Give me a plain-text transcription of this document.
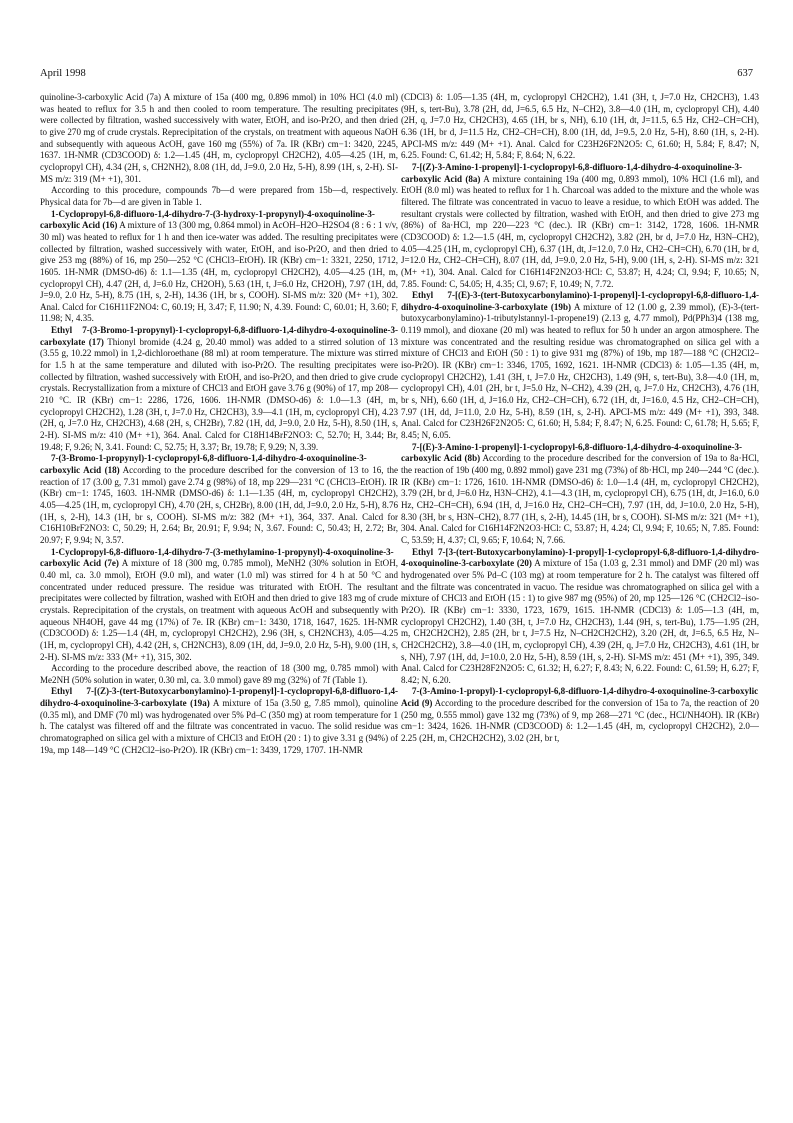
April 1998	637

quinoline-3-carboxylic Acid (7a) A mixture of 15a (400 mg, 0.896 mmol) in 10% HCl (4.0 ml) was heated to reflux for 3.5 h and then cooled to room temperature. The resulting precipitates were collected by filtration, washed successively with water, EtOH, and iso-Pr2O, and then dried to give 270 mg of crude crystals. Reprecipitation of the crystals, on treatment with aqueous NaOH and subsequently with aqueous AcOH, gave 160 mg (55%) of 7a. IR (KBr) cm−1: 3420, 2245, 1637. 1H-NMR (CD3COOD) δ: 1.2—1.45 (4H, m, cyclopropyl CH2CH2), 4.05—4.25 (1H, m, cyclopropyl CH), 4.34 (2H, s, CH2NH2), 8.08 (1H, dd, J=9.0, 2.0 Hz, 5-H), 8.99 (1H, s, 2-H). SI-MS m/z: 319 (M+ +1), 301.

According to this procedure, compounds 7b—d were prepared from 15b—d, respectively. Physical data for 7b—d are given in Table 1.

1-Cyclopropyl-6,8-difluoro-1,4-dihydro-7-(3-hydroxy-1-propynyl)-4-oxoquinoline-3-carboxylic Acid (16) A mixture of 13 (300 mg, 0.864 mmol) in AcOH–H2O–H2SO4 (8 : 6 : 1 v/v, 30 ml) was heated to reflux for 1 h and then ice-water was added. The resulting precipitates were collected by filtration, washed successively with water, EtOH, and iso-Pr2O, and then dried to give 253 mg (88%) of 16, mp 250—252 °C (CHCl3–EtOH). IR (KBr) cm−1: 3321, 2250, 1712, 1605. 1H-NMR (DMSO-d6) δ: 1.1—1.35 (4H, m, cyclopropyl CH2CH2), 4.05—4.25 (1H, m, cyclopropyl CH), 4.47 (2H, d, J=6.0 Hz, CH2OH), 5.63 (1H, t, J=6.0 Hz, CH2OH), 7.97 (1H, dd, J=9.0, 2.0 Hz, 5-H), 8.75 (1H, s, 2-H), 14.36 (1H, br s, COOH). SI-MS m/z: 320 (M+ +1), 302. Anal. Calcd for C16H11F2NO4: C, 60.19; H, 3.47; F, 11.90; N, 4.39. Found: C, 60.01; H, 3.60; F, 11.98; N, 4.35.

Ethyl 7-(3-Bromo-1-propynyl)-1-cyclopropyl-6,8-difluoro-1,4-dihydro-4-oxoquinoline-3-carboxylate (17) Thionyl bromide (4.24 g, 20.40 mmol) was added to a stirred solution of 13 (3.55 g, 10.22 mmol) in 1,2-dichloroethane (88 ml) at room temperature. The mixture was stirred for 1.5 h at the same temperature and diluted with iso-Pr2O. The resulting precipitates were collected by filtration, washed successively with EtOH, and iso-Pr2O, and then dried to give crude crystals. Recrystallization from a mixture of CHCl3 and EtOH gave 3.76 g (90%) of 17, mp 208—210 °C. IR (KBr) cm−1: 2286, 1726, 1606. 1H-NMR (DMSO-d6) δ: 1.0—1.3 (4H, m, cyclopropyl CH2CH2), 1.28 (3H, t, J=7.0 Hz, CH2CH3), 3.9—4.1 (1H, m, cyclopropyl CH), 4.23 (2H, q, J=7.0 Hz, CH2CH3), 4.68 (2H, s, CH2Br), 7.82 (1H, dd, J=9.0, 2.0 Hz, 5-H), 8.50 (1H, s, 2-H). SI-MS m/z: 410 (M+ +1), 364. Anal. Calcd for C18H14BrF2NO3: C, 52.70; H, 3.44; Br, 19.48; F, 9.26; N, 3.41. Found: C, 52.75; H, 3.37; Br, 19.78; F, 9.29; N, 3.39.

7-(3-Bromo-1-propynyl)-1-cyclopropyl-6,8-difluoro-1,4-dihydro-4-oxoquinoline-3-carboxylic Acid (18) According to the procedure described for the conversion of 13 to 16, the reaction of 17 (3.00 g, 7.31 mmol) gave 2.74 g (98%) of 18, mp 229—231 °C (CHCl3–EtOH). IR (KBr) cm−1: 1745, 1603. 1H-NMR (DMSO-d6) δ: 1.1—1.35 (4H, m, cyclopropyl CH2CH2), 4.05—4.25 (1H, m, cyclopropyl CH), 4.70 (2H, s, CH2Br), 8.00 (1H, dd, J=9.0, 2.0 Hz, 5-H), 8.76 (1H, s, 2-H), 14.3 (1H, br s, COOH). SI-MS m/z: 382 (M+ +1), 364, 337. Anal. Calcd for C16H10BrF2NO3: C, 50.29; H, 2.64; Br, 20.91; F, 9.94; N, 3.67. Found: C, 50.43; H, 2.72; Br, 20.97; F, 9.94; N, 3.57.

1-Cyclopropyl-6,8-difluoro-1,4-dihydro-7-(3-methylamino-1-propynyl)-4-oxoquinoline-3-carboxylic Acid (7e) A mixture of 18 (300 mg, 0.785 mmol), MeNH2 (30% solution in EtOH, 0.40 ml, ca. 3.0 mmol), EtOH (9.0 ml), and water (1.0 ml) was stirred for 4 h at 50 °C and concentrated under reduced pressure. The residue was triturated with EtOH. The resultant precipitates were collected by filtration, washed with EtOH and then dried to give 183 mg of crude crystals. Reprecipitation of the crystals, on treatment with aqueous AcOH and subsequently with aqueous NH4OH, gave 44 mg (17%) of 7e. IR (KBr) cm−1: 3430, 1718, 1647, 1625. 1H-NMR (CD3COOD) δ: 1.25—1.4 (4H, m, cyclopropyl CH2CH2), 2.96 (3H, s, CH2NCH3), 4.05—4.25 (1H, m, cyclopropyl CH), 4.42 (2H, s, CH2NCH3), 8.09 (1H, dd, J=9.0, 2.0 Hz, 5-H), 9.00 (1H, s, 2-H). SI-MS m/z: 333 (M+ +1), 315, 302.

According to the procedure described above, the reaction of 18 (300 mg, 0.785 mmol) with Me2NH (50% solution in water, 0.30 ml, ca. 3.0 mmol) gave 89 mg (32%) of 7f (Table 1).

Ethyl 7-[(Z)-3-(tert-Butoxycarbonylamino)-1-propenyl]-1-cyclopropyl-6,8-difluoro-1,4-dihydro-4-oxoquinoline-3-carboxylate (19a) A mixture of 15a (3.50 g, 7.85 mmol), quinoline (0.35 ml), and DMF (70 ml) was hydrogenated over 5% Pd–C (350 mg) at room temperature for 1 h. The catalyst was filtered off and the filtrate was concentrated in vacuo. The solid residue was chromatographed on silica gel with a mixture of CHCl3 and EtOH (20 : 1) to give 3.31 g (94%) of 19a, mp 148—149 °C (CH2Cl2–iso-Pr2O). IR (KBr) cm−1: 3439, 1729, 1707. 1H-NMR

(CDCl3) δ: 1.05—1.35 (4H, m, cyclopropyl CH2CH2), 1.41 (3H, t, J=7.0 Hz, CH2CH3), 1.43 (9H, s, tert-Bu), 3.78 (2H, dd, J=6.5, 6.5 Hz, N–CH2), 3.8—4.0 (1H, m, cyclopropyl CH), 4.40 (2H, q, J=7.0 Hz, CH2CH3), 4.65 (1H, br s, NH), 6.10 (1H, dt, J=11.5, 6.5 Hz, CH2–CH=CH), 6.36 (1H, br d, J=11.5 Hz, CH2–CH=CH), 8.00 (1H, dd, J=9.5, 2.0 Hz, 5-H), 8.60 (1H, s, 2-H). APCI-MS m/z: 449 (M+ +1). Anal. Calcd for C23H26F2N2O5: C, 61.60; H, 5.84; F, 8.47; N, 6.25. Found: C, 61.42; H, 5.84; F, 8.64; N, 6.22.

7-[(Z)-3-Amino-1-propenyl]-1-cyclopropyl-6,8-difluoro-1,4-dihydro-4-oxoquinoline-3-carboxylic Acid (8a) A mixture containing 19a (400 mg, 0.893 mmol), 10% HCl (1.6 ml), and EtOH (8.0 ml) was heated to reflux for 1 h. Charcoal was added to the mixture and the whole was filtered. The filtrate was concentrated in vacuo to leave a residue, to which EtOH was added. The resultant crystals were collected by filtration, washed with EtOH, and then dried to give 273 mg (86%) of 8a·HCl, mp 220—223 °C (dec.). IR (KBr) cm−1: 3142, 1728, 1606. 1H-NMR (CD3COOD) δ: 1.2—1.5 (4H, m, cyclopropyl CH2CH2), 3.82 (2H, br d, J=7.0 Hz, H3N–CH2), 4.05—4.25 (1H, m, cyclopropyl CH), 6.37 (1H, dt, J=12.0, 7.0 Hz, CH2–CH=CH), 6.70 (1H, br d, J=12.0 Hz, CH2–CH=CH), 8.07 (1H, dd, J=9.0, 2.0 Hz, 5-H), 9.00 (1H, s, 2-H). SI-MS m/z: 321 (M+ +1), 304. Anal. Calcd for C16H14F2N2O3·HCl: C, 53.87; H, 4.24; Cl, 9.94; F, 10.65; N, 7.85. Found: C, 54.05; H, 4.35; Cl, 9.67; F, 10.49; N, 7.72.

Ethyl 7-[(E)-3-(tert-Butoxycarbonylamino)-1-propenyl]-1-cyclopropyl-6,8-difluoro-1,4-dihydro-4-oxoquinoline-3-carboxylate (19b) A mixture of 12 (1.00 g, 2.39 mmol), (E)-3-(tert-butoxycarbonylamino)-1-tributylstannyl-1-propene19) (2.13 g, 4.77 mmol), Pd(PPh3)4 (138 mg, 0.119 mmol), and dioxane (20 ml) was heated to reflux for 50 h under an argon atmosphere. The mixture was concentrated and the resulting residue was chromatographed on silica gel with a mixture of CHCl3 and EtOH (50 : 1) to give 931 mg (87%) of 19b, mp 187—188 °C (CH2Cl2–iso-Pr2O). IR (KBr) cm−1: 3346, 1705, 1692, 1621. 1H-NMR (CDCl3) δ: 1.05—1.35 (4H, m, cyclopropyl CH2CH2), 1.41 (3H, t, J=7.0 Hz, CH2CH3), 1.49 (9H, s, tert-Bu), 3.8—4.0 (1H, m, cyclopropyl CH), 4.01 (2H, br t, J=5.0 Hz, N–CH2), 4.39 (2H, q, J=7.0 Hz, CH2CH3), 4.76 (1H, br s, NH), 6.60 (1H, d, J=16.0 Hz, CH2–CH=CH), 6.72 (1H, dt, J=16.0, 4.5 Hz, CH2–CH=CH), 7.97 (1H, dd, J=11.0, 2.0 Hz, 5-H), 8.59 (1H, s, 2-H). APCI-MS m/z: 449 (M+ +1), 393, 348. Anal. Calcd for C23H26F2N2O5: C, 61.60; H, 5.84; F, 8.47; N, 6.25. Found: C, 61.78; H, 5.65; F, 8.45; N, 6.05.

7-[(E)-3-Amino-1-propenyl]-1-cyclopropyl-6,8-difluoro-1,4-dihydro-4-oxoquinoline-3-carboxylic Acid (8b) According to the procedure described for the conversion of 19a to 8a·HCl, the reaction of 19b (400 mg, 0.892 mmol) gave 231 mg (73%) of 8b·HCl, mp 240—244 °C (dec.). IR (KBr) cm−1: 1726, 1610. 1H-NMR (DMSO-d6) δ: 1.0—1.4 (4H, m, cyclopropyl CH2CH2), 3.79 (2H, br d, J=6.0 Hz, H3N–CH2), 4.1—4.3 (1H, m, cyclopropyl CH), 6.75 (1H, dt, J=16.0, 6.0 Hz, CH2–CH=CH), 6.94 (1H, d, J=16.0 Hz, CH2–CH=CH), 7.97 (1H, dd, J=10.0, 2.0 Hz, 5-H), 8.30 (3H, br s, H3N–CH2), 8.77 (1H, s, 2-H), 14.45 (1H, br s, COOH). SI-MS m/z: 321 (M+ +1), 304. Anal. Calcd for C16H14F2N2O3·HCl: C, 53.87; H, 4.24; Cl, 9.94; F, 10.65; N, 7.85. Found: C, 53.59; H, 4.37; Cl, 9.65; F, 10.64; N, 7.66.

Ethyl 7-[3-(tert-Butoxycarbonylamino)-1-propyl]-1-cyclopropyl-6,8-difluoro-1,4-dihydro-4-oxoquinoline-3-carboxylate (20) A mixture of 15a (1.03 g, 2.31 mmol) and DMF (20 ml) was hydrogenated over 5% Pd–C (103 mg) at room temperature for 2 h. The catalyst was filtered off and the filtrate was concentrated in vacuo. The residue was chromatographed on silica gel with a mixture of CHCl3 and EtOH (15 : 1) to give 987 mg (95%) of 20, mp 125—126 °C (CH2Cl2–iso-Pr2O). IR (KBr) cm−1: 3330, 1723, 1679, 1615. 1H-NMR (CDCl3) δ: 1.05—1.3 (4H, m, cyclopropyl CH2CH2), 1.40 (3H, t, J=7.0 Hz, CH2CH3), 1.44 (9H, s, tert-Bu), 1.75—1.95 (2H, m, CH2CH2CH2), 2.85 (2H, br t, J=7.5 Hz, N–CH2CH2CH2), 3.20 (2H, dt, J=6.5, 6.5 Hz, N–CH2CH2CH2), 3.8—4.0 (1H, m, cyclopropyl CH), 4.39 (2H, q, J=7.0 Hz, CH2CH3), 4.61 (1H, br s, NH), 7.97 (1H, dd, J=10.0, 2.0 Hz, 5-H), 8.59 (1H, s, 2-H). SI-MS m/z: 451 (M+ +1), 395, 349. Anal. Calcd for C23H28F2N2O5: C, 61.32; H, 6.27; F, 8.43; N, 6.22. Found: C, 61.59; H, 6.27; F, 8.42; N, 6.20.

7-(3-Amino-1-propyl)-1-cyclopropyl-6,8-difluoro-1,4-dihydro-4-oxoquinoline-3-carboxylic Acid (9) According to the procedure described for the conversion of 15a to 7a, the reaction of 20 (250 mg, 0.555 mmol) gave 132 mg (73%) of 9, mp 268—271 °C (dec., HCl/NH4OH). IR (KBr) cm−1: 3424, 1626. 1H-NMR (CD3COOD) δ: 1.2—1.45 (4H, m, cyclopropyl CH2CH2), 2.0—2.25 (2H, m, CH2CH2CH2), 3.02 (2H, br t,
